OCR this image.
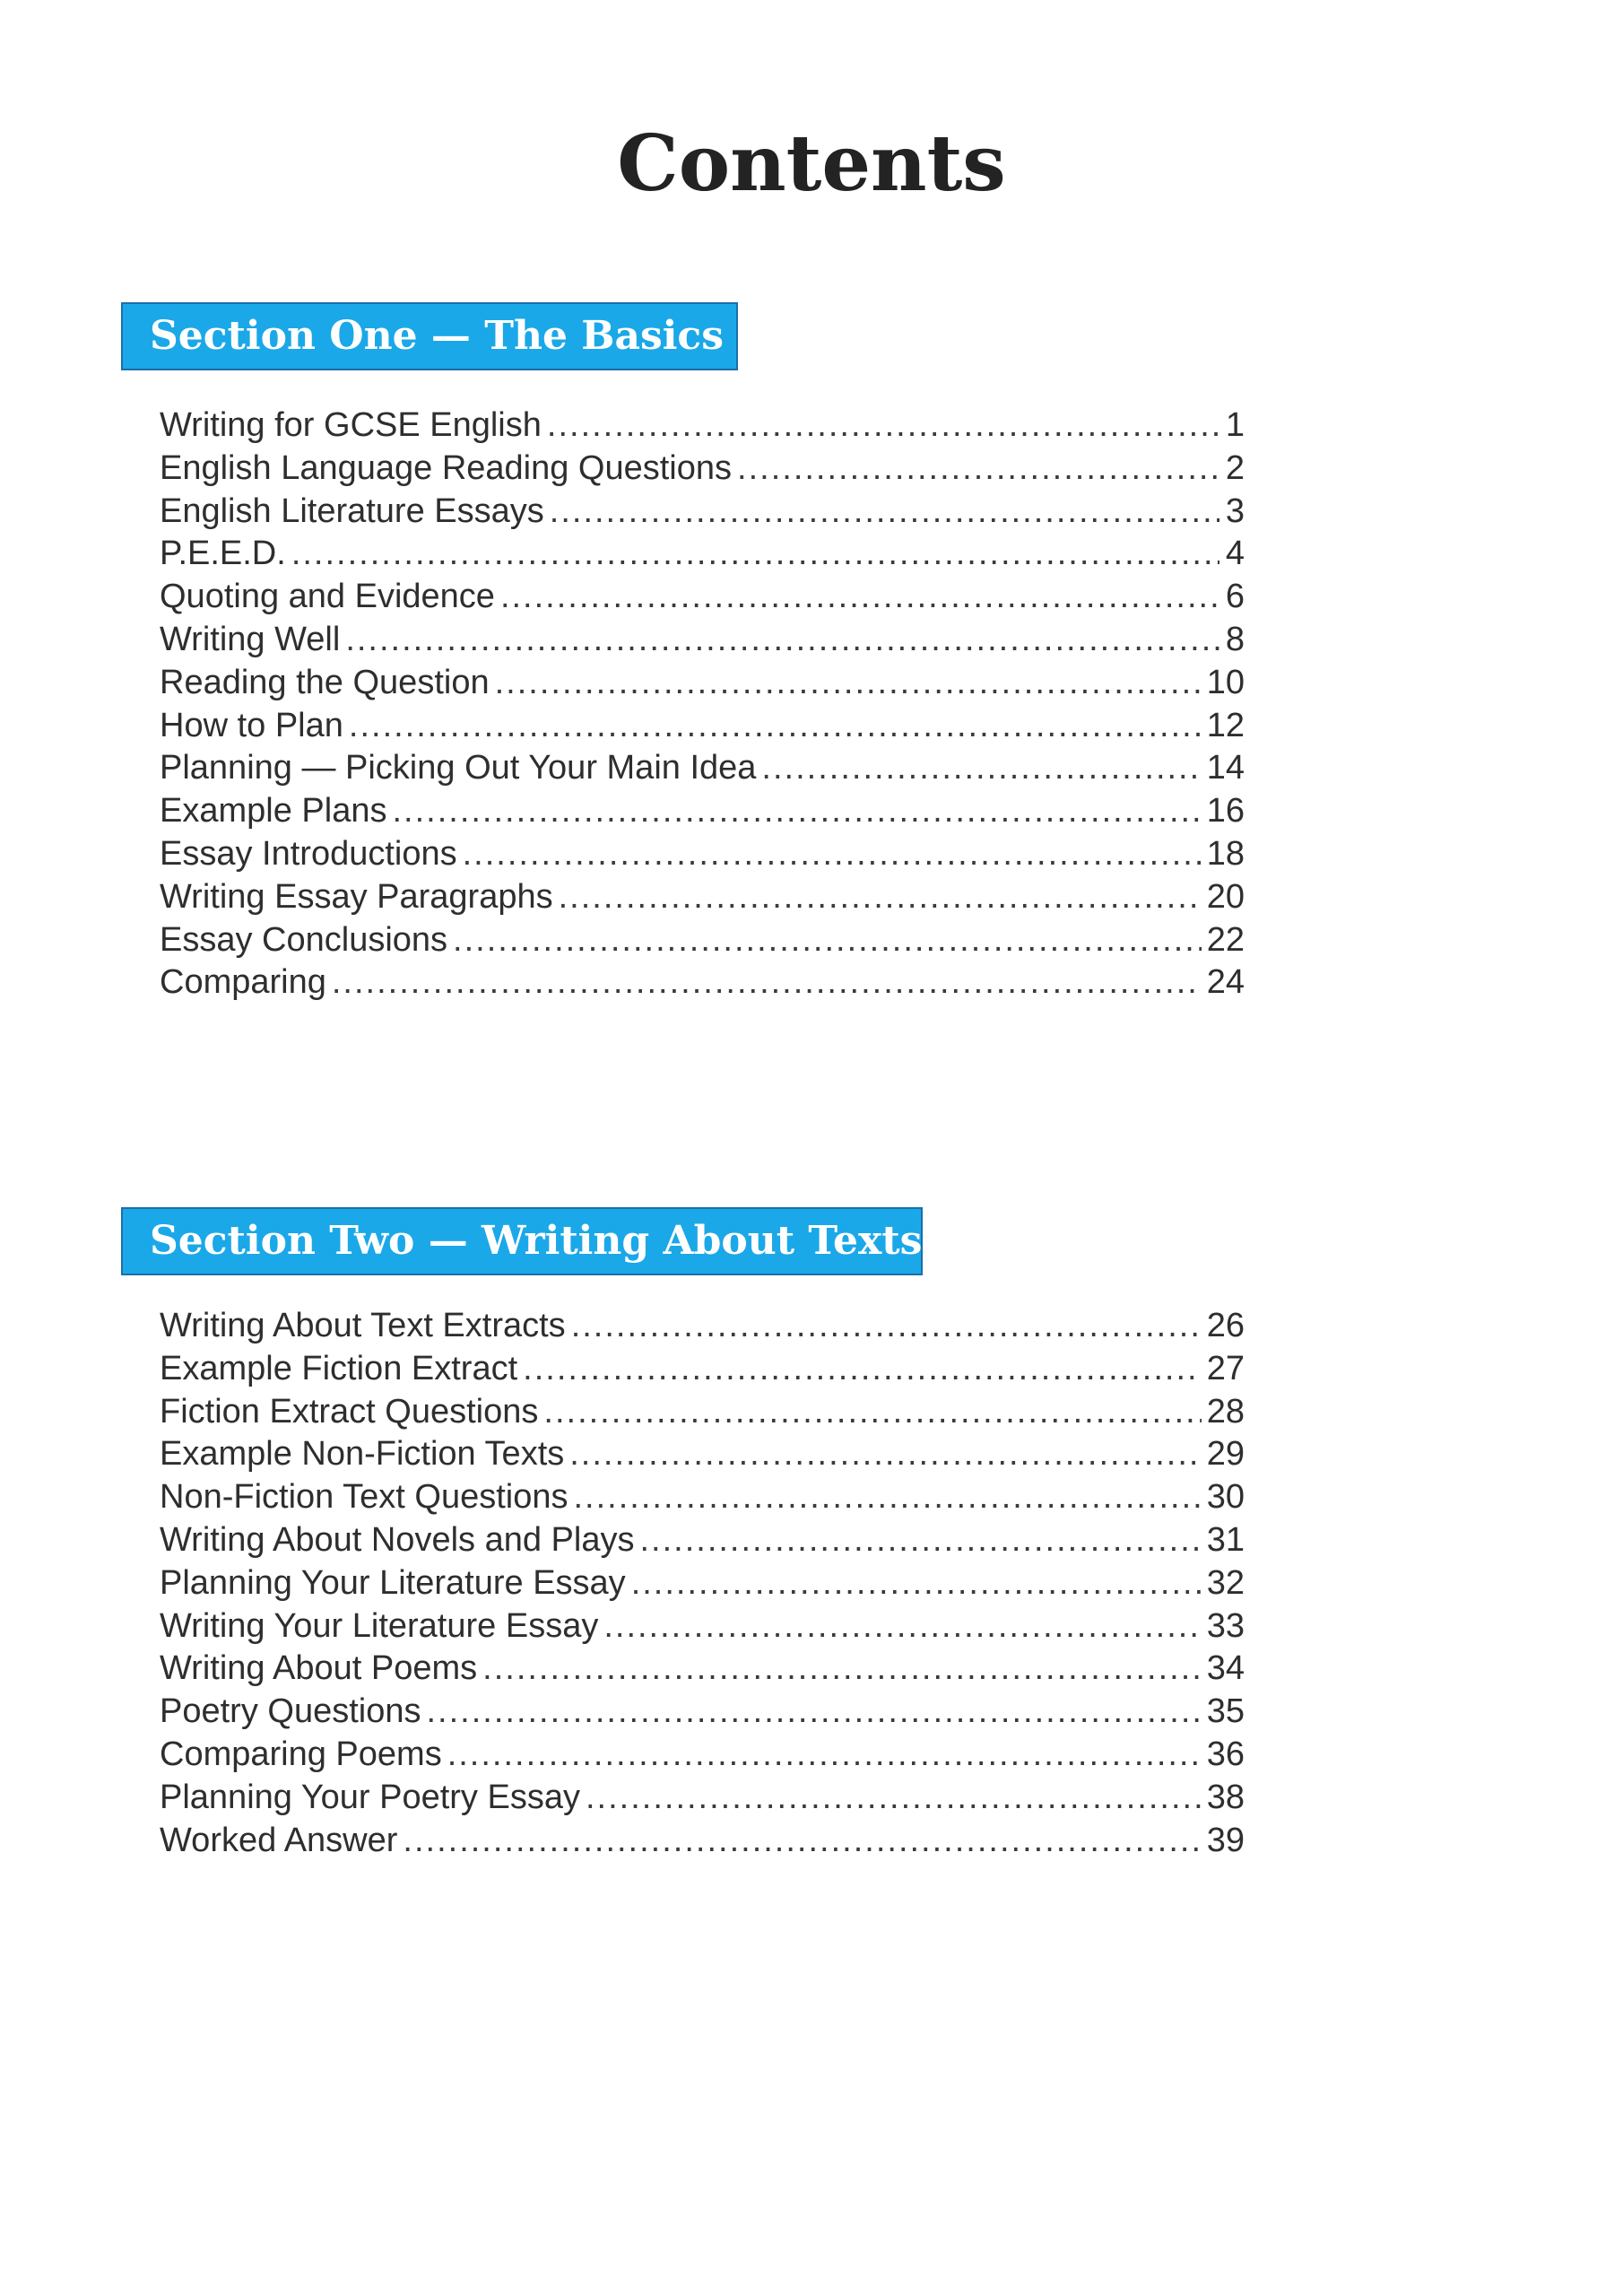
Contents
Section One — The Basics
Writing for GCSE English .....	1
English Language Reading Questions .....	2
English Literature Essays .....	3
P.E.E.D. .....	4
Quoting and Evidence .....	6
Writing Well .....	8
Reading the Question .....	10
How to Plan .....	12
Planning — Picking Out Your Main Idea .....	14
Example Plans .....	16
Essay Introductions .....	18
Writing Essay Paragraphs .....	20
Essay Conclusions .....	22
Comparing .....	24
Section Two — Writing About Texts
Writing About Text Extracts .....	26
Example Fiction Extract .....	27
Fiction Extract Questions .....	28
Example Non-Fiction Texts .....	29
Non-Fiction Text Questions .....	30
Writing About Novels and Plays .....	31
Planning Your Literature Essay .....	32
Writing Your Literature Essay .....	33
Writing About Poems .....	34
Poetry Questions .....	35
Comparing Poems .....	36
Planning Your Poetry Essay .....	38
Worked Answer .....	39
